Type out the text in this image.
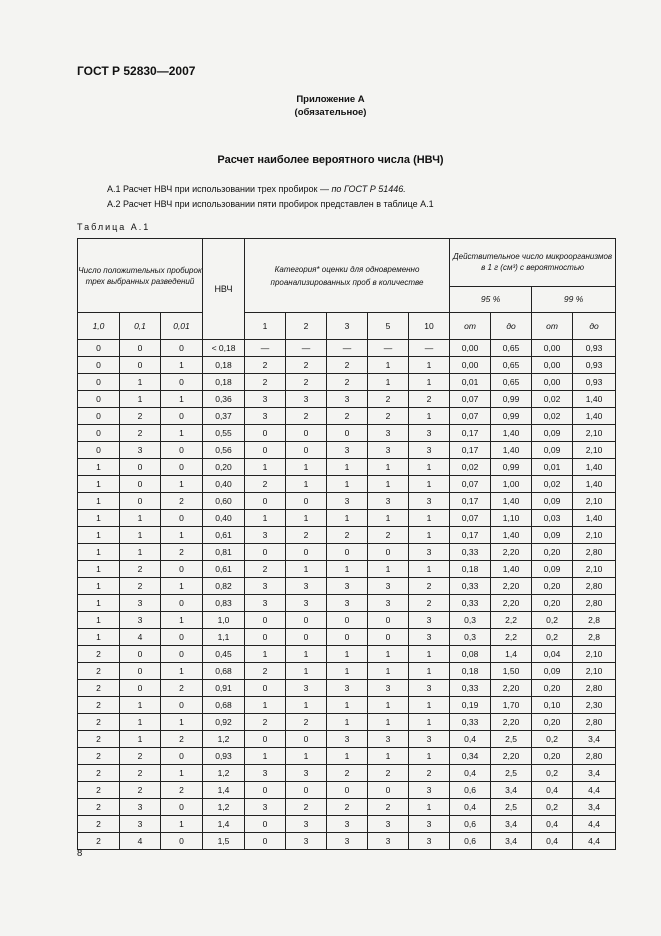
ГОСТ Р 52830—2007
Приложение А
(обязательное)
Расчет наиболее вероятного числа (НВЧ)
А.1 Расчет НВЧ при использовании трех пробирок — по ГОСТ Р 51446.
А.2 Расчет НВЧ при использовании пяти пробирок представлен в таблице А.1
Таблица А.1
Число положительных пробирок трех выбранных разведений			НВЧ	Категория* оценки для одновременно проанализированных проб в количестве					Действительное число микроорганизмов в 1 г (см³) с вероятностью			
									95 %		99 %	
1,0	0,1	0,01		1	2	3	5	10	от	до	от	до
0	0	0	< 0,18	—	—	—	—	—	0,00	0,65	0,00	0,93
0	0	1	0,18	2	2	2	1	1	0,00	0,65	0,00	0,93
0	1	0	0,18	2	2	2	1	1	0,01	0,65	0,00	0,93
0	1	1	0,36	3	3	3	2	2	0,07	0,99	0,02	1,40
0	2	0	0,37	3	2	2	2	1	0,07	0,99	0,02	1,40
0	2	1	0,55	0	0	0	3	3	0,17	1,40	0,09	2,10
0	3	0	0,56	0	0	3	3	3	0,17	1,40	0,09	2,10
1	0	0	0,20	1	1	1	1	1	0,02	0,99	0,01	1,40
1	0	1	0,40	2	1	1	1	1	0,07	1,00	0,02	1,40
1	0	2	0,60	0	0	3	3	3	0,17	1,40	0,09	2,10
1	1	0	0,40	1	1	1	1	1	0,07	1,10	0,03	1,40
1	1	1	0,61	3	2	2	2	1	0,17	1,40	0,09	2,10
1	1	2	0,81	0	0	0	0	3	0,33	2,20	0,20	2,80
1	2	0	0,61	2	1	1	1	1	0,18	1,40	0,09	2,10
1	2	1	0,82	3	3	3	3	2	0,33	2,20	0,20	2,80
1	3	0	0,83	3	3	3	3	2	0,33	2,20	0,20	2,80
1	3	1	1,0	0	0	0	0	3	0,3	2,2	0,2	2,8
1	4	0	1,1	0	0	0	0	3	0,3	2,2	0,2	2,8
2	0	0	0,45	1	1	1	1	1	0,08	1,4	0,04	2,10
2	0	1	0,68	2	1	1	1	1	0,18	1,50	0,09	2,10
2	0	2	0,91	0	3	3	3	3	0,33	2,20	0,20	2,80
2	1	0	0,68	1	1	1	1	1	0,19	1,70	0,10	2,30
2	1	1	0,92	2	2	1	1	1	0,33	2,20	0,20	2,80
2	1	2	1,2	0	0	3	3	3	0,4	2,5	0,2	3,4
2	2	0	0,93	1	1	1	1	1	0,34	2,20	0,20	2,80
2	2	1	1,2	3	3	2	2	2	0,4	2,5	0,2	3,4
2	2	2	1,4	0	0	0	0	3	0,6	3,4	0,4	4,4
2	3	0	1,2	3	2	2	2	1	0,4	2,5	0,2	3,4
2	3	1	1,4	0	3	3	3	3	0,6	3,4	0,4	4,4
2	4	0	1,5	0	3	3	3	3	0,6	3,4	0,4	4,4
8
